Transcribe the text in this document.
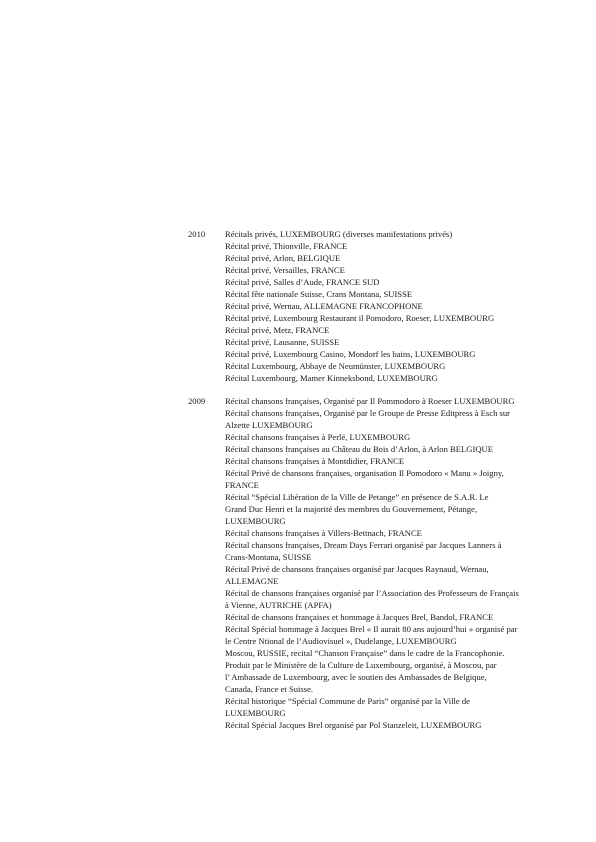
2010 Récitals privés, LUXEMBOURG (diverses manifestations privés)
Récital privé, Thionville, FRANCE
Récital privé, Arlon, BELGIQUE
Récital privé, Versailles, FRANCE
Récital privé, Salles d’Aude, FRANCE SUD
Récital fête nationale Suisse, Crans Montana, SUISSE
Récital privé, Wernau, ALLEMAGNE FRANCOPHONE
Récital privé, Luxembourg Restaurant il Pomodoro, Roeser, LUXEMBOURG
Récital privé, Metz, FRANCE
Récital privé, Lausanne, SUISSE
Récital privé, Luxembourg Casino, Mondorf les bains, LUXEMBOURG
Récital Luxembourg, Abbaye de Neumünster, LUXEMBOURG
Récital Luxembourg, Mamer Kinneksbond, LUXEMBOURG
2009 Récital chansons françaises, Organisé par Il Pommodoro à Roeser LUXEMBOURG
Récital chansons françaises, Organisé par le Groupe de Presse Editpress à Esch sur
Alzette LUXEMBOURG
Récital chansons françaises à Perlé, LUXEMBOURG
Récital chansons françaises au Château du Bois d’Arlon, à Arlon BELGIQUE
Récital chansons françaises à Montdidier, FRANCE
Récital Privé de chansons françaises, organisation Il Pomodoro « Manu » Joigny,
FRANCE
Récital “Spécial Libération de la Ville de Petange” en présence de S.A.R. Le
Grand Duc Henri et la majorité des membres du Gouvernement, Pétange,
LUXEMBOURG
Récital chansons françaises à Villers-Bettnach, FRANCE
Récital chansons françaises, Dream Days Ferrari organisé par Jacques Lanners à
Crans-Montana, SUISSE
Récital Privé de chansons françaises organisé par Jacques Raynaud, Wernau,
ALLEMAGNE
Récital de chansons françaises organisé par l’Association des Professeurs de Français
à Vienne, AUTRICHE (APFA)
Récital de chansons françaises et hommage à Jacques Brel, Bandol, FRANCE
Récital Spécial hommage à Jacques Brel « Il aurait 80 ans aujourd’hui » organisé par
le Centre Ntional de l’Audiovisuel », Dudelange, LUXEMBOURG
Moscou, RUSSIE, recital “Chanson Française” dans le cadre de la Francophonie.
Produit par le Ministère de la Culture de Luxembourg, organisé, à Moscou, par
l’ Ambassade de Luxembourg, avec le soutien des Ambassades de Belgique,
Canada, France et Suisse.
Récital historique “Spécial Commune de Paris” organisé par la Ville de
LUXEMBOURG
Récital Spécial Jacques Brel organisé par Pol Stanzeleit, LUXEMBOURG
